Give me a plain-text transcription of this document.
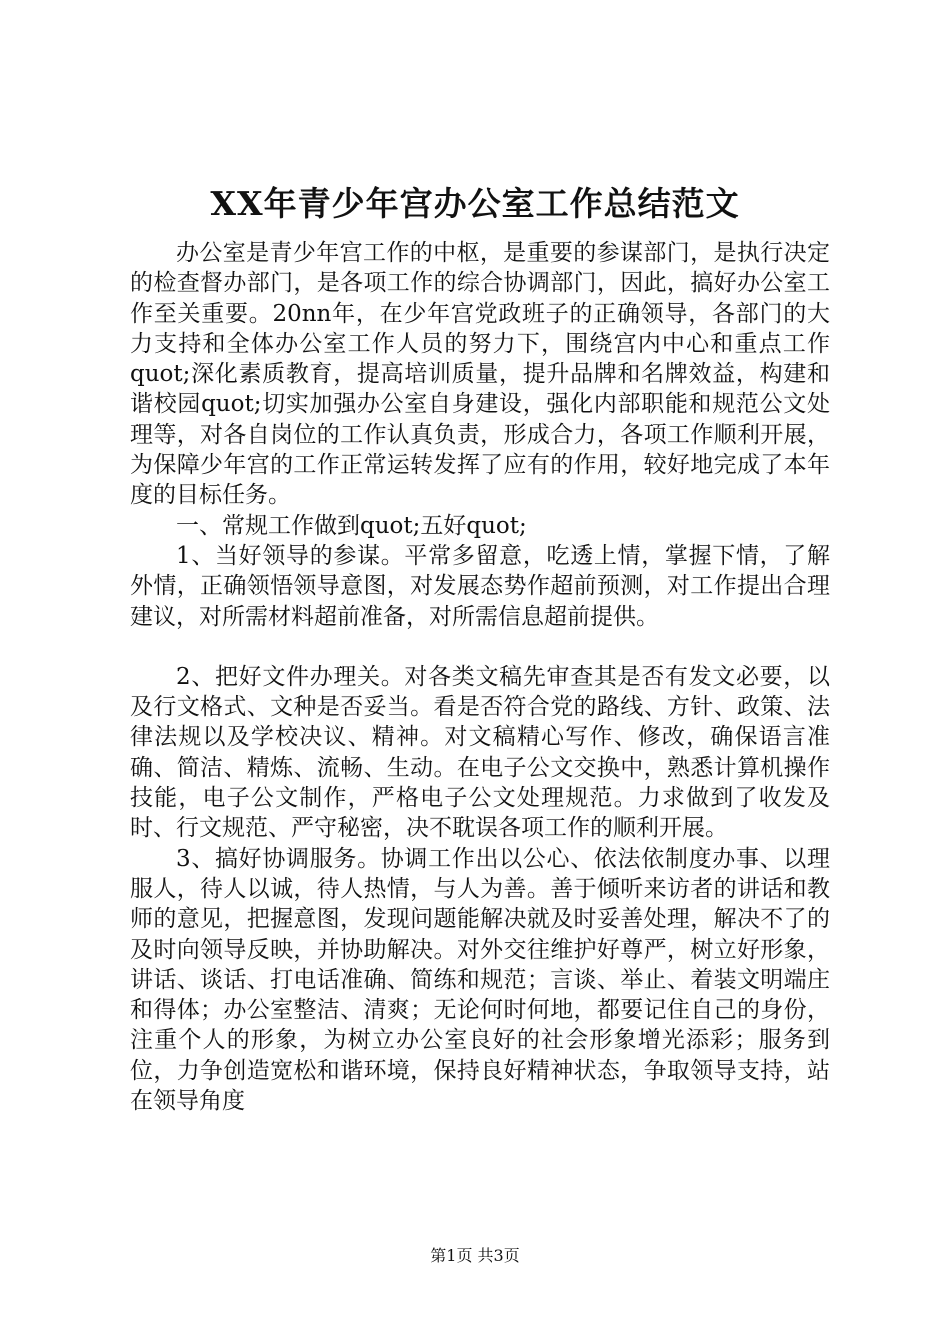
XX年青少年宫办公室工作总结范文

办公室是青少年宫工作的中枢，是重要的参谋部门，是执行决定的检查督办部门，是各项工作的综合协调部门，因此，搞好办公室工作至关重要。20nn年，在少年宫党政班子的正确领导，各部门的大力支持和全体办公室工作人员的努力下，围绕宫内中心和重点工作quot;深化素质教育，提高培训质量，提升品牌和名牌效益，构建和谐校园quot;切实加强办公室自身建设，强化内部职能和规范公文处理等，对各自岗位的工作认真负责，形成合力，各项工作顺利开展，为保障少年宫的工作正常运转发挥了应有的作用，较好地完成了本年度的目标任务。

一、常规工作做到quot;五好quot;

1、当好领导的参谋。平常多留意，吃透上情，掌握下情，了解外情，正确领悟领导意图，对发展态势作超前预测，对工作提出合理建议，对所需材料超前准备，对所需信息超前提供。

2、把好文件办理关。对各类文稿先审查其是否有发文必要，以及行文格式、文种是否妥当。看是否符合党的路线、方针、政策、法律法规以及学校决议、精神。对文稿精心写作、修改，确保语言准确、简洁、精炼、流畅、生动。在电子公文交换中，熟悉计算机操作技能，电子公文制作，严格电子公文处理规范。力求做到了收发及时、行文规范、严守秘密，决不耽误各项工作的顺利开展。

3、搞好协调服务。协调工作出以公心、依法依制度办事、以理服人，待人以诚，待人热情，与人为善。善于倾听来访者的讲话和教师的意见，把握意图，发现问题能解决就及时妥善处理，解决不了的及时向领导反映，并协助解决。对外交往维护好尊严，树立好形象，讲话、谈话、打电话准确、简练和规范；言谈、举止、着装文明端庄和得体；办公室整洁、清爽；无论何时何地，都要记住自己的身份，注重个人的形象，为树立办公室良好的社会形象增光添彩；服务到位，力争创造宽松和谐环境，保持良好精神状态，争取领导支持，站在领导角度

第1页 共3页
